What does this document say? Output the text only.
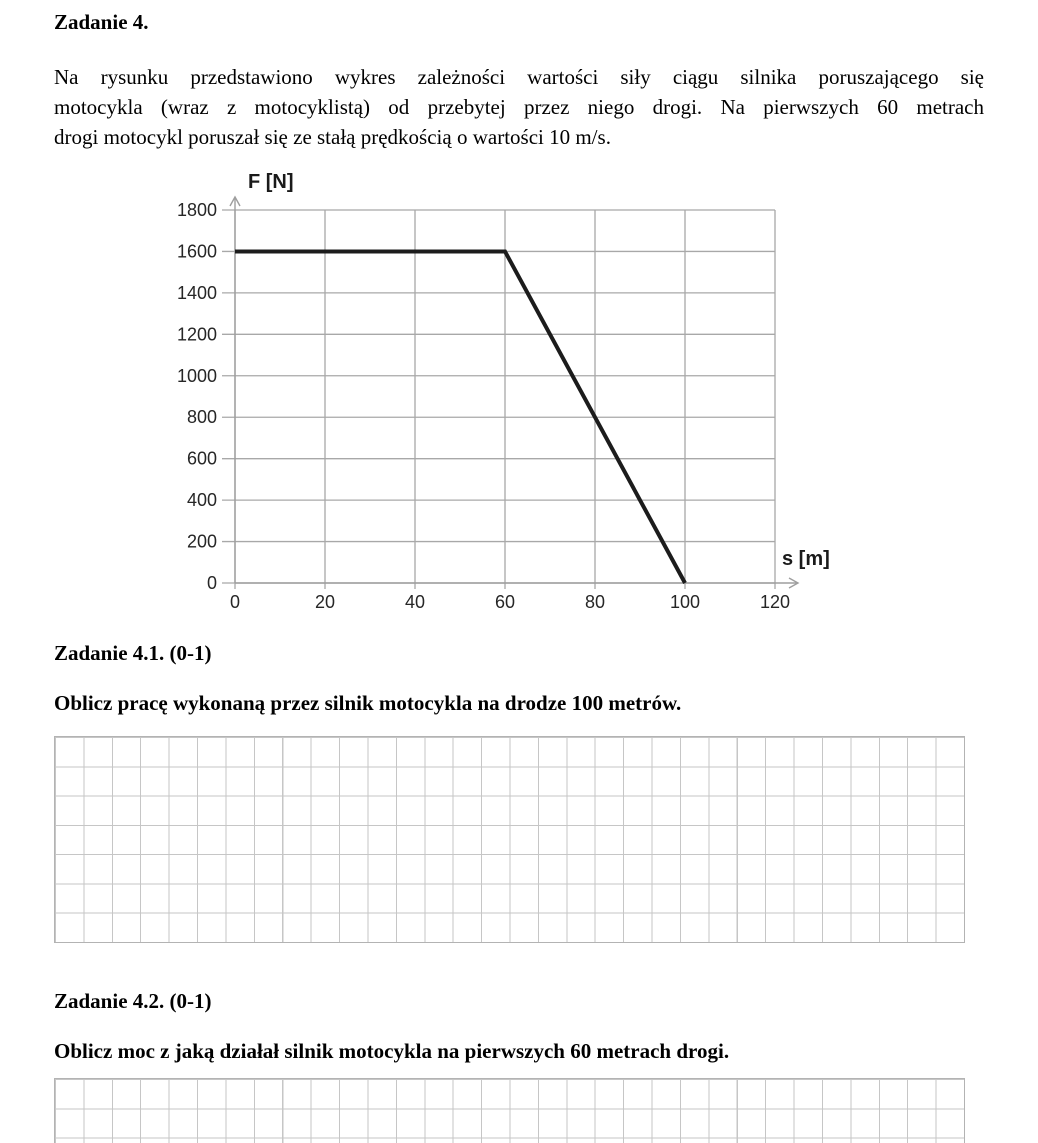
Zadanie 4.
Na rysunku przedstawiono wykres zależności wartości siły ciągu silnika poruszającego się
motocykla (wraz z motocyklistą) od przebytej przez niego drogi. Na pierwszych 60 metrach
drogi motocykl poruszał się ze stałą prędkością o wartości 10 m/s.
0
200
400
600
800
1000
1200
1400
1600
1800
0	20	40	60	80	100	120
F [N]
s [m]
Zadanie 4.1. (0-1)
Oblicz pracę wykonaną przez silnik motocykla na drodze 100 metrów.
Zadanie 4.2. (0-1)
Oblicz moc z jaką działał silnik motocykla na pierwszych 60 metrach drogi.
